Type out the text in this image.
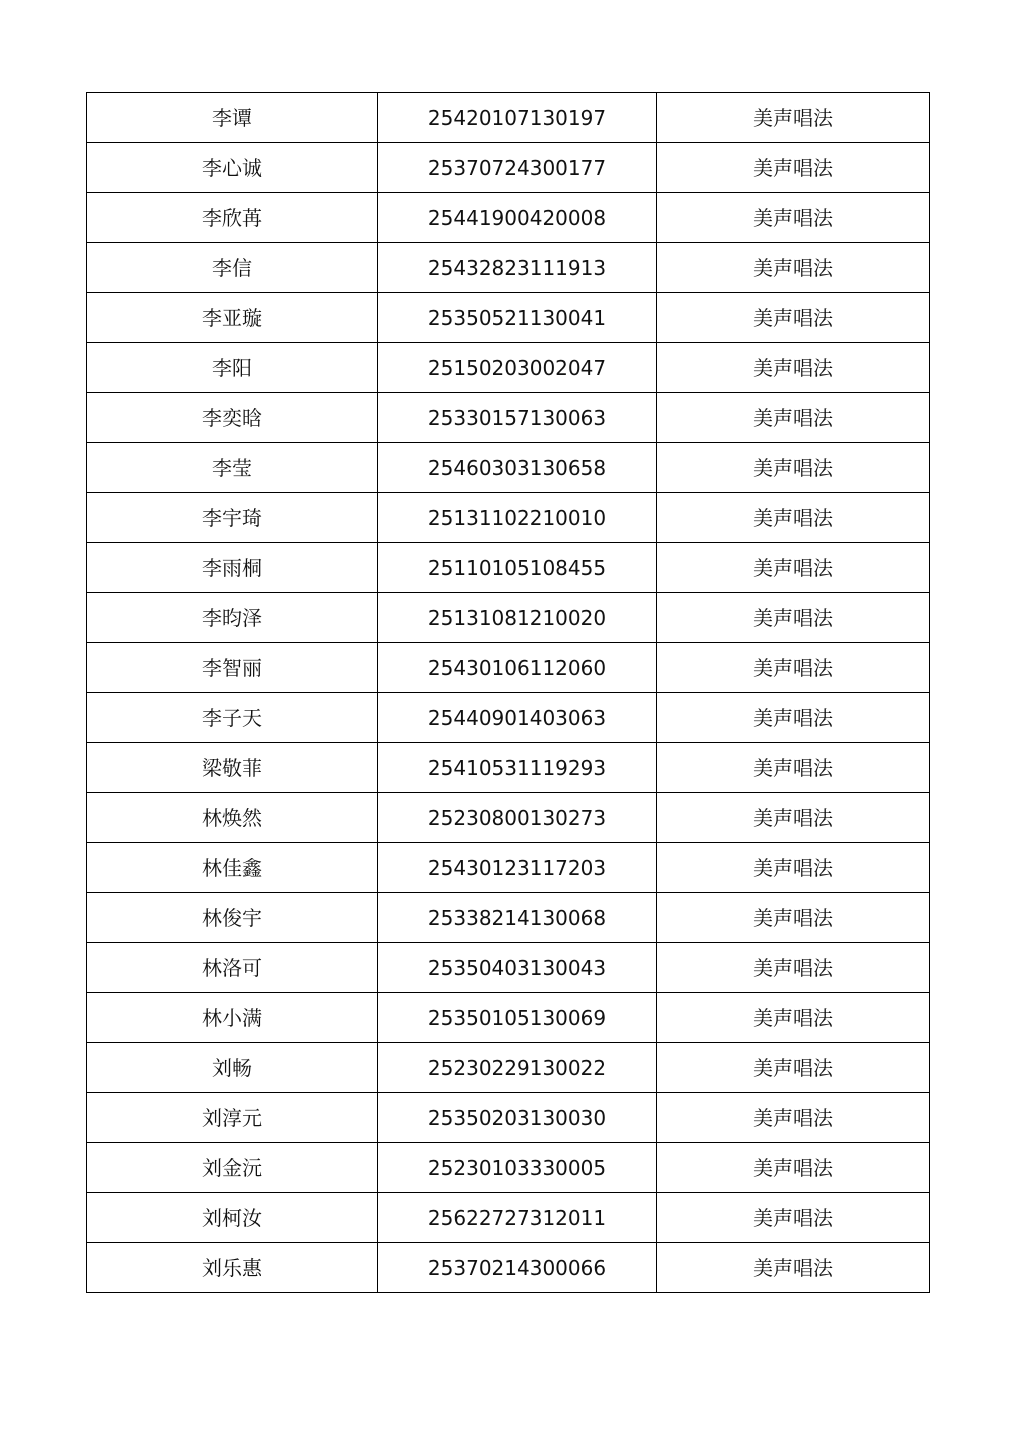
李谭	25420107130197	美声唱法
李心诚	25370724300177	美声唱法
李欣苒	25441900420008	美声唱法
李信	25432823111913	美声唱法
李亚璇	25350521130041	美声唱法
李阳	25150203002047	美声唱法
李奕晗	25330157130063	美声唱法
李莹	25460303130658	美声唱法
李宇琦	25131102210010	美声唱法
李雨桐	25110105108455	美声唱法
李昀泽	25131081210020	美声唱法
李智丽	25430106112060	美声唱法
李子天	25440901403063	美声唱法
梁敬菲	25410531119293	美声唱法
林焕然	25230800130273	美声唱法
林佳鑫	25430123117203	美声唱法
林俊宇	25338214130068	美声唱法
林洛可	25350403130043	美声唱法
林小满	25350105130069	美声唱法
刘畅	25230229130022	美声唱法
刘淳元	25350203130030	美声唱法
刘金沅	25230103330005	美声唱法
刘柯汝	25622727312011	美声唱法
刘乐惠	25370214300066	美声唱法
